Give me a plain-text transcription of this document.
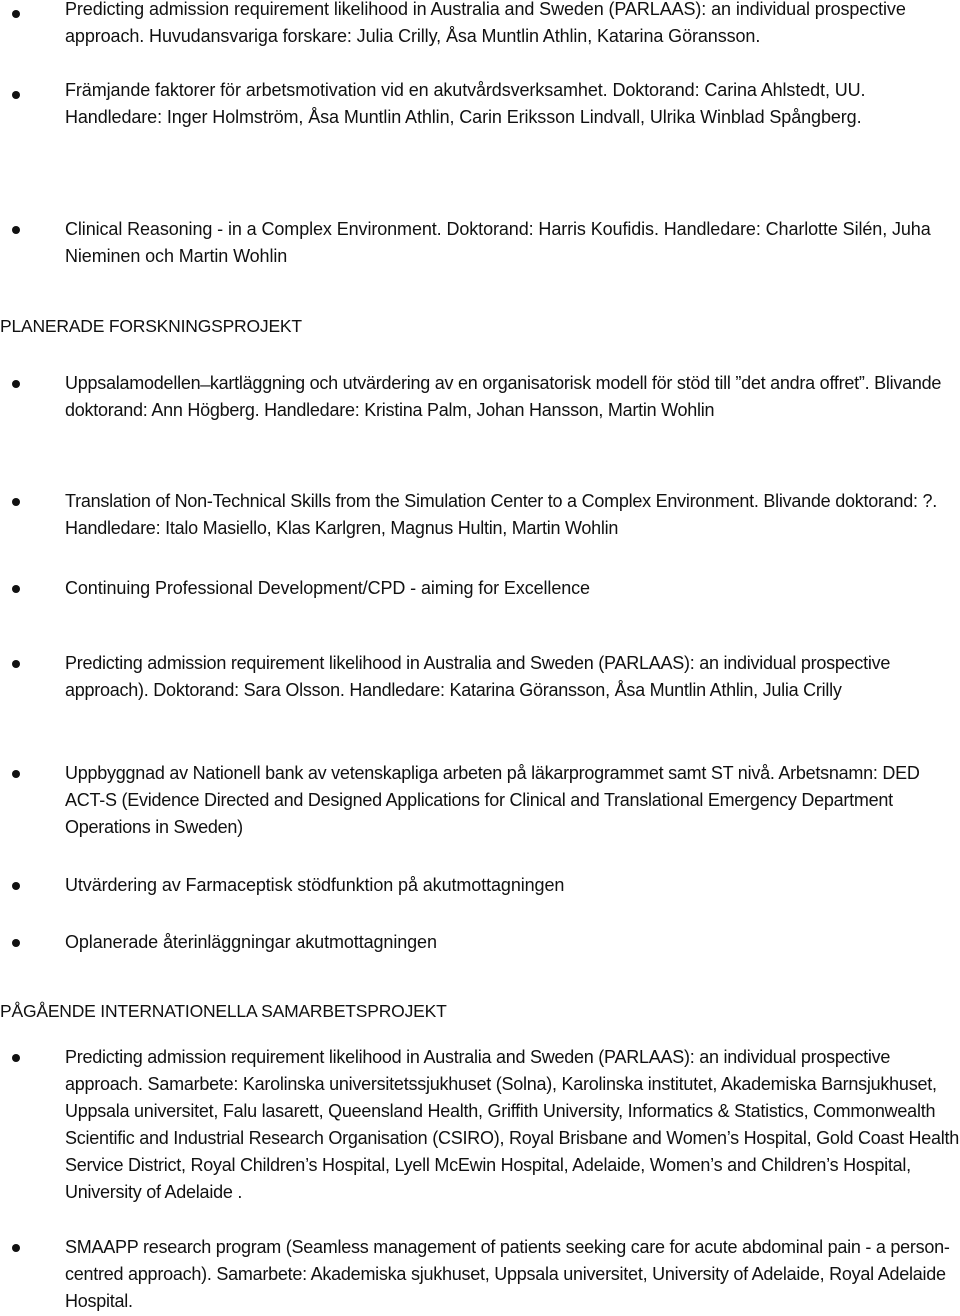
Predicting admission requirement likelihood in Australia and Sweden (PARLAAS): an individual prospective approach. Huvudansvariga forskare: Julia Crilly, Åsa Muntlin Athlin, Katarina Göransson.
Främjande faktorer för arbetsmotivation vid en akutvårdsverksamhet. Doktorand: Carina Ahlstedt, UU. Handledare: Inger Holmström, Åsa Muntlin Athlin, Carin Eriksson Lindvall, Ulrika Winblad Spångberg.
Clinical Reasoning - in a Complex Environment. Doktorand: Harris Koufidis. Handledare: Charlotte Silén, Juha Nieminen och Martin Wohlin
PLANERADE FORSKNINGSPROJEKT
Uppsalamodellen ̶ kartläggning och utvärdering av en organisatorisk modell för stöd till ”det andra offret”. Blivande doktorand: Ann Högberg. Handledare: Kristina Palm, Johan Hansson, Martin Wohlin
Translation of Non-Technical Skills from the Simulation Center to a Complex Environment. Blivande doktorand: ?. Handledare: Italo Masiello, Klas Karlgren, Magnus Hultin, Martin Wohlin
Continuing Professional Development/CPD - aiming for Excellence
Predicting admission requirement likelihood in Australia and Sweden (PARLAAS): an individual prospective approach). Doktorand: Sara Olsson. Handledare: Katarina Göransson, Åsa Muntlin Athlin, Julia Crilly
Uppbyggnad av Nationell bank av vetenskapliga arbeten på läkarprogrammet samt ST nivå. Arbetsnamn: DED ACT-S (Evidence Directed and Designed Applications for Clinical and Translational Emergency Department Operations in Sweden)
Utvärdering av Farmaceptisk stödfunktion på akutmottagningen
Oplanerade återinläggningar akutmottagningen
PÅGÅENDE INTERNATIONELLA SAMARBETSPROJEKT
Predicting admission requirement likelihood in Australia and Sweden (PARLAAS): an individual prospective approach. Samarbete: Karolinska universitetssjukhuset (Solna), Karolinska institutet, Akademiska Barnsjukhuset, Uppsala universitet, Falu lasarett, Queensland Health, Griffith University, Informatics & Statistics, Commonwealth Scientific and Industrial Research Organisation (CSIRO), Royal Brisbane and Women’s Hospital, Gold Coast Health Service District, Royal Children’s Hospital, Lyell McEwin Hospital, Adelaide, Women’s and Children’s Hospital, University of Adelaide .
SMAAPP research program (Seamless management of patients seeking care for acute abdominal pain - a person-centred approach). Samarbete: Akademiska sjukhuset, Uppsala universitet, University of Adelaide, Royal Adelaide Hospital.
